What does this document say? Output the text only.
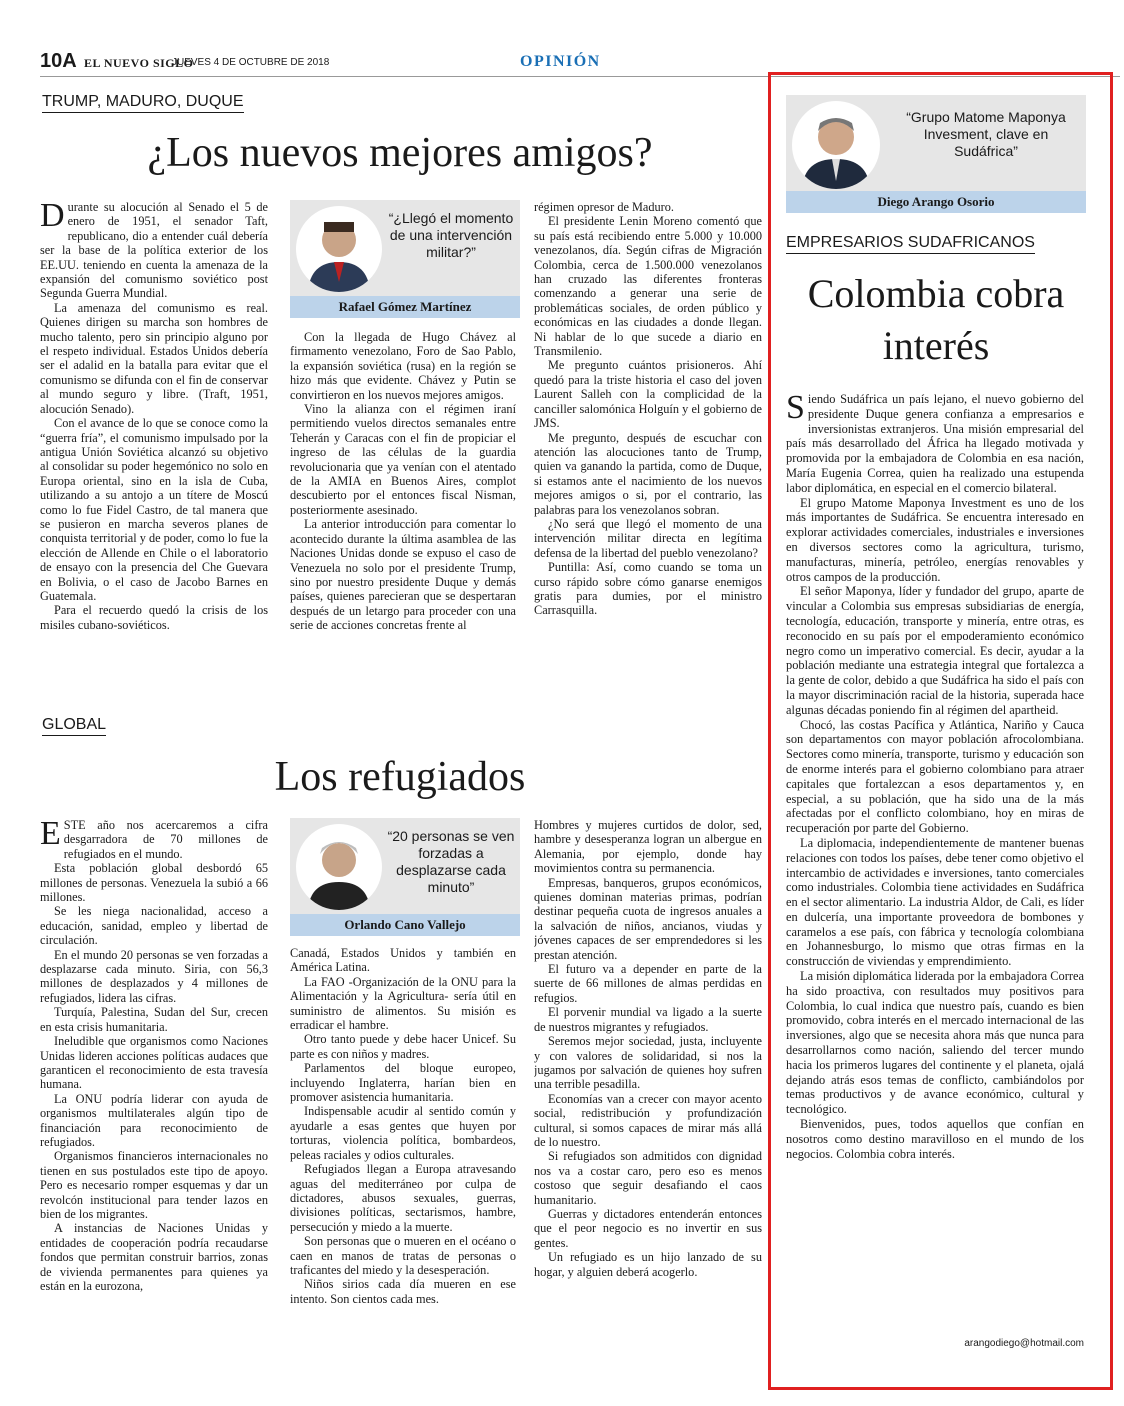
10A EL NUEVO SIGLO
JUEVES 4 DE OCTUBRE DE 2018	OPINIÓN
TRUMP, MADURO, DUQUE
¿Los nuevos mejores amigos?

Durante su alocución al Senado el 5 de enero de 1951, el senador Taft, republicano, dio a entender cuál debería ser la base de la política exterior de los EE.UU. teniendo en cuenta la amenaza de la expansión del comunismo soviético post Segunda Guerra Mundial.

La amenaza del comunismo es real. Quienes dirigen su marcha son hombres de mucho talento, pero sin principio alguno por el respeto individual. Estados Unidos debería ser el adalid en la batalla para evitar que el comunismo se difunda con el fin de conservar al mundo seguro y libre. (Traft, 1951, alocución Senado).

Con el avance de lo que se conoce como la “guerra fría”, el comunismo impulsado por la antigua Unión Soviética alcanzó su objetivo al consolidar su poder hegemónico no solo en Europa oriental, sino en la isla de Cuba, utilizando a su antojo a un títere de Moscú como lo fue Fidel Castro, de tal manera que se pusieron en marcha severos planes de conquista territorial y de poder, como lo fue la elección de Allende en Chile o el laboratorio de ensayo con la presencia del Che Guevara en Bolivia, o el caso de Jacobo Barnes en Guatemala.

Para el recuerdo quedó la crisis de los misiles cubano-soviéticos.

“¿Llegó el momento de una intervención militar?”
Rafael Gómez Martínez

Con la llegada de Hugo Chávez al firmamento venezolano, Foro de Sao Pablo, la expansión soviética (rusa) en la región se hizo más que evidente. Chávez y Putin se convirtieron en los nuevos mejores amigos.

Vino la alianza con el régimen iraní permitiendo vuelos directos semanales entre Teherán y Caracas con el fin de propiciar el ingreso de las células de la guardia revolucionaria que ya venían con el atentado de la AMIA en Buenos Aires, complot descubierto por el entonces fiscal Nisman, posteriormente asesinado.

La anterior introducción para comentar lo acontecido durante la última asamblea de las Naciones Unidas donde se expuso el caso de Venezuela no solo por el presidente Trump, sino por nuestro presidente Duque y demás países, quienes parecieran que se despertaran después de un letargo para proceder con una serie de acciones concretas frente al

régimen opresor de Maduro.

El presidente Lenin Moreno comentó que su país está recibiendo entre 5.000 y 10.000 venezolanos, día. Según cifras de Migración Colombia, cerca de 1.500.000 venezolanos han cruzado las diferentes fronteras comenzando a generar una serie de problemáticas sociales, de orden público y económicas en las ciudades a donde llegan. Ni hablar de lo que sucede a diario en Transmilenio.

Me pregunto cuántos prisioneros. Ahí quedó para la triste historia el caso del joven Laurent Salleh con la complicidad de la canciller salomónica Holguín y el gobierno de JMS.

Me pregunto, después de escuchar con atención las alocuciones tanto de Trump, quien va ganando la partida, como de Duque, si estamos ante el nacimiento de los nuevos mejores amigos o si, por el contrario, las palabras para los venezolanos sobran.

¿No será que llegó el momento de una intervención militar directa en legítima defensa de la libertad del pueblo venezolano?

Puntilla: Así, como cuando se toma un curso rápido sobre cómo ganarse enemigos gratis para dumies, por el ministro Carrasquilla.

GLOBAL
Los refugiados

ESTE año nos acercaremos a cifra desgarradora de 70 millones de refugiados en el mundo.

Esta población global desbordó 65 millones de personas. Venezuela la subió a 66 millones.

Se les niega nacionalidad, acceso a educación, sanidad, empleo y libertad de circulación.

En el mundo 20 personas se ven forzadas a desplazarse cada minuto. Siria, con 56,3 millones de desplazados y 4 millones de refugiados, lidera las cifras.

Turquía, Palestina, Sudan del Sur, crecen en esta crisis humanitaria.

Ineludible que organismos como Naciones Unidas lideren acciones políticas audaces que garanticen el reconocimiento de esta travesía humana.

La ONU podría liderar con ayuda de organismos multilaterales algún tipo de financiación para reconocimiento de refugiados.

Organismos financieros internacionales no tienen en sus postulados este tipo de apoyo. Pero es necesario romper esquemas y dar un revolcón institucional para tender lazos en bien de los migrantes.

A instancias de Naciones Unidas y entidades de cooperación podría recaudarse fondos que permitan construir barrios, zonas de vivienda permanentes para quienes ya están en la eurozona,

“20 personas se ven forzadas a desplazarse cada minuto”
Orlando Cano Vallejo

Canadá, Estados Unidos y también en América Latina.

La FAO -Organización de la ONU para la Alimentación y la Agricultura- sería útil en suministro de alimentos. Su misión es erradicar el hambre.

Otro tanto puede y debe hacer Unicef. Su parte es con niños y madres.

Parlamentos del bloque europeo, incluyendo Inglaterra, harían bien en promover asistencia humanitaria.

Indispensable acudir al sentido común y ayudarle a esas gentes que huyen por torturas, violencia política, bombardeos, peleas raciales y odios culturales.

Refugiados llegan a Europa atravesando aguas del mediterráneo por culpa de dictadores, abusos sexuales, guerras, divisiones políticas, sectarismos, hambre, persecución y miedo a la muerte.

Son personas que o mueren en el océano o caen en manos de tratas de personas o traficantes del miedo y la desesperación.

Niños sirios cada día mueren en ese intento. Son cientos cada mes.

Hombres y mujeres curtidos de dolor, sed, hambre y desesperanza logran un albergue en Alemania, por ejemplo, donde hay movimientos contra su permanencia.

Empresas, banqueros, grupos económicos, quienes dominan materias primas, podrían destinar pequeña cuota de ingresos anuales a la salvación de niños, ancianos, viudas y jóvenes capaces de ser emprendedores si les prestan atención.

El futuro va a depender en parte de la suerte de 66 millones de almas perdidas en refugios.

El porvenir mundial va ligado a la suerte de nuestros migrantes y refugiados.

Seremos mejor sociedad, justa, incluyente y con valores de solidaridad, si nos la jugamos por salvación de quienes hoy sufren una terrible pesadilla.

Economías van a crecer con mayor acento social, redistribución y profundización cultural, si somos capaces de mirar más allá de lo nuestro.

Si refugiados son admitidos con dignidad nos va a costar caro, pero eso es menos costoso que seguir desafiando el caos humanitario.

Guerras y dictadores entenderán entonces que el peor negocio es no invertir en sus gentes.

Un refugiado es un hijo lanzado de su hogar, y alguien deberá acogerlo.

“Grupo Matome Maponya Invesment, clave en Sudáfrica”
Diego Arango Osorio
EMPRESARIOS SUDAFRICANOS
Colombia cobra interés

Siendo Sudáfrica un país lejano, el nuevo gobierno del presidente Duque genera confianza a empresarios e inversionistas extranjeros. Una misión empresarial del país más desarrollado del África ha llegado motivada y promovida por la embajadora de Colombia en esa nación, María Eugenia Correa, quien ha realizado una estupenda labor diplomática, en especial en el comercio bilateral.

El grupo Matome Maponya Investment es uno de los más importantes de Sudáfrica. Se encuentra interesado en explorar actividades comerciales, industriales e inversiones en diversos sectores como la agricultura, turismo, manufacturas, minería, petróleo, energías renovables y otros campos de la producción.

El señor Maponya, líder y fundador del grupo, aparte de vincular a Colombia sus empresas subsidiarias de energía, tecnología, educación, transporte y minería, entre otras, es reconocido en su país por el empoderamiento económico negro como un imperativo comercial. Es decir, ayudar a la población mediante una estrategia integral que fortalezca a la gente de color, debido a que Sudáfrica ha sido el país con la mayor discriminación racial de la historia, superada hace algunas décadas poniendo fin al régimen del apartheid.

Chocó, las costas Pacífica y Atlántica, Nariño y Cauca son departamentos con mayor población afrocolombiana. Sectores como minería, transporte, turismo y educación son de enorme interés para el gobierno colombiano para atraer capitales que fortalezcan a esos departamentos y, en especial, a su población, que ha sido una de la más afectadas por el conflicto colombiano, hoy en miras de recuperación por parte del Gobierno.

La diplomacia, independientemente de mantener buenas relaciones con todos los países, debe tener como objetivo el intercambio de actividades e inversiones, tanto comerciales como industriales. Colombia tiene actividades en Sudáfrica en el sector alimentario. La industria Aldor, de Cali, es líder en dulcería, una importante proveedora de bombones y caramelos a ese país, con fábrica y tecnología colombiana en Johannesburgo, lo mismo que otras firmas en la construcción de viviendas y emprendimiento.

La misión diplomática liderada por la embajadora Correa ha sido proactiva, con resultados muy positivos para Colombia, lo cual indica que nuestro país, cuando es bien promovido, cobra interés en el mercado internacional de las inversiones, algo que se necesita ahora más que nunca para desarrollarnos como nación, saliendo del tercer mundo hacia los primeros lugares del continente y el planeta, ojalá dejando atrás esos temas de conflicto, cambiándolos por temas productivos y de avance económico, cultural y tecnológico.

Bienvenidos, pues, todos aquellos que confían en nosotros como destino maravilloso en el mundo de los negocios. Colombia cobra interés.

arangodiego@hotmail.com
